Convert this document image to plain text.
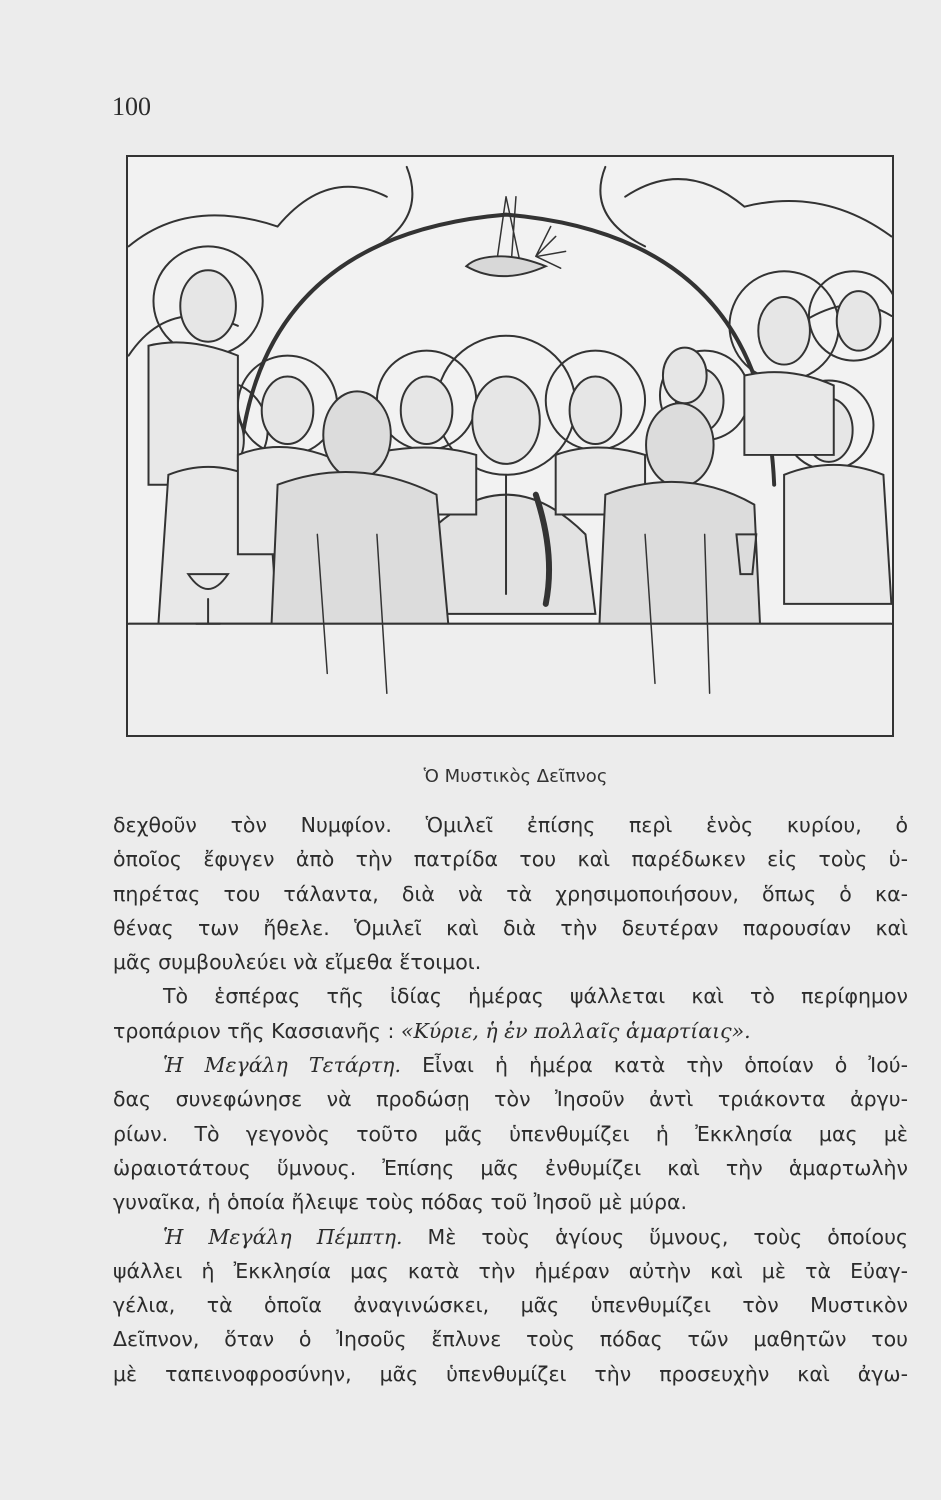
100
Ὁ Μυστικὸς Δεῖπνος
δεχθοῦν τὸν Νυμφίον. Ὁμιλεῖ ἐπίσης περὶ ἑνὸς κυρίου, ὁ
ὁποῖος ἔφυγεν ἀπὸ τὴν πατρίδα του καὶ παρέδωκεν εἰς τοὺς ὑ-
πηρέτας του τάλαντα, διὰ νὰ τὰ χρησιμοποιήσουν, ὅπως ὁ κα-
θένας των ἤθελε. Ὁμιλεῖ καὶ διὰ τὴν δευτέραν παρουσίαν καὶ
μᾶς συμβουλεύει νὰ εἴμεθα ἕτοιμοι.
Τὸ ἑσπέρας τῆς ἰδίας ἡμέρας ψάλλεται καὶ τὸ περίφημον
τροπάριον τῆς Κασσιανῆς : «Κύριε, ἡ ἐν πολλαῖς ἁμαρτίαις».
Ἡ Μεγάλη Τετάρτη. Εἶναι ἡ ἡμέρα κατὰ τὴν ὁποίαν ὁ Ἰού-
δας συνεφώνησε νὰ προδώσῃ τὸν Ἰησοῦν ἀντὶ τριάκοντα ἀργυ-
ρίων. Τὸ γεγονὸς τοῦτο μᾶς ὑπενθυμίζει ἡ Ἐκκλησία μας μὲ
ὡραιοτάτους ὕμνους. Ἐπίσης μᾶς ἐνθυμίζει καὶ τὴν ἁμαρτωλὴν
γυναῖκα, ἡ ὁποία ἤλειψε τοὺς πόδας τοῦ Ἰησοῦ μὲ μύρα.
Ἡ Μεγάλη Πέμπτη. Μὲ τοὺς ἁγίους ὕμνους, τοὺς ὁποίους
ψάλλει ἡ Ἐκκλησία μας κατὰ τὴν ἡμέραν αὐτὴν καὶ μὲ τὰ Εὐαγ-
γέλια, τὰ ὁποῖα ἀναγινώσκει, μᾶς ὑπενθυμίζει τὸν Μυστικὸν
Δεῖπνον, ὅταν ὁ Ἰησοῦς ἔπλυνε τοὺς πόδας τῶν μαθητῶν του
μὲ ταπεινοφροσύνην, μᾶς ὑπενθυμίζει τὴν προσευχὴν καὶ ἀγω-
